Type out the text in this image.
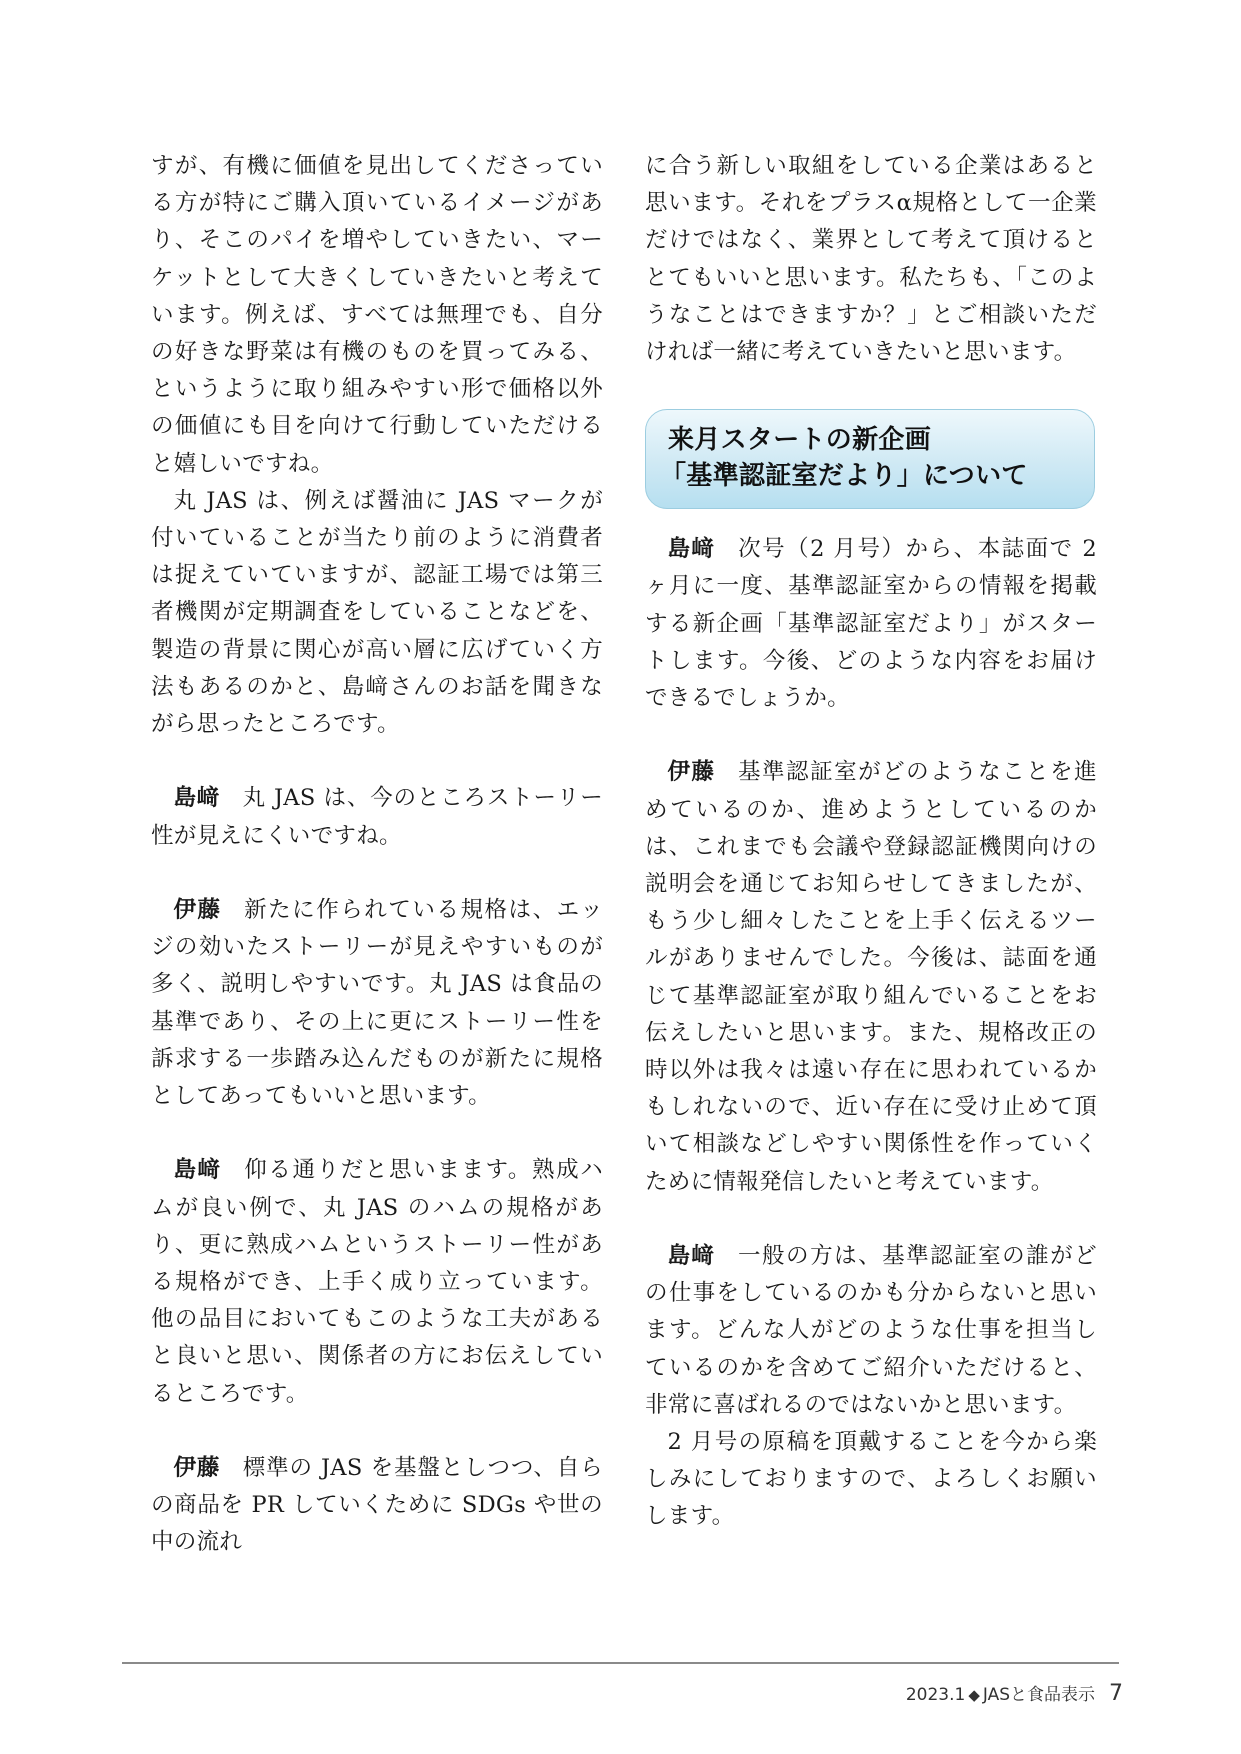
すが、有機に価値を見出してくださっている方が特にご購入頂いているイメージがあり、そこのパイを増やしていきたい、マーケットとして大きくしていきたいと考えています。例えば、すべては無理でも、自分の好きな野菜は有機のものを買ってみる、というように取り組みやすい形で価格以外の価値にも目を向けて行動していただけると嬉しいですね。

丸 JAS は、例えば醤油に JAS マークが付いていることが当たり前のように消費者は捉えていていますが、認証工場では第三者機関が定期調査をしていることなどを、製造の背景に関心が高い層に広げていく方法もあるのかと、島﨑さんのお話を聞きながら思ったところです。

島﨑 丸 JAS は、今のところストーリー性が見えにくいですね。

伊藤 新たに作られている規格は、エッジの効いたストーリーが見えやすいものが多く、説明しやすいです。丸 JAS は食品の基準であり、その上に更にストーリー性を訴求する一歩踏み込んだものが新たに規格としてあってもいいと思います。

島﨑 仰る通りだと思いまます。熟成ハムが良い例で、丸 JAS のハムの規格があり、更に熟成ハムというストーリー性がある規格ができ、上手く成り立っています。他の品目においてもこのような工夫があると良いと思い、関係者の方にお伝えしているところです。

伊藤 標準の JAS を基盤としつつ、自らの商品を PR していくために SDGs や世の中の流れ

に合う新しい取組をしている企業はあると思います。それをプラスα規格として一企業だけではなく、業界として考えて頂けるととてもいいと思います。私たちも、「このようなことはできますか？」とご相談いただければ一緒に考えていきたいと思います。

来月スタートの新企画
「基準認証室だより」について

島﨑 次号（2 月号）から、本誌面で 2 ヶ月に一度、基準認証室からの情報を掲載する新企画「基準認証室だより」がスタートします。今後、どのような内容をお届けできるでしょうか。

伊藤 基準認証室がどのようなことを進めているのか、進めようとしているのかは、これまでも会議や登録認証機関向けの説明会を通じてお知らせしてきましたが、もう少し細々したことを上手く伝えるツールがありませんでした。今後は、誌面を通じて基準認証室が取り組んでいることをお伝えしたいと思います。また、規格改正の時以外は我々は遠い存在に思われているかもしれないので、近い存在に受け止めて頂いて相談などしやすい関係性を作っていくために情報発信したいと考えています。

島﨑 一般の方は、基準認証室の誰がどの仕事をしているのかも分からないと思います。どんな人がどのような仕事を担当しているのかを含めてご紹介いただけると、非常に喜ばれるのではないかと思います。

2 月号の原稿を頂戴することを今から楽しみにしておりますので、よろしくお願いします。

2023.1 ◆ JASと食品表示 7
